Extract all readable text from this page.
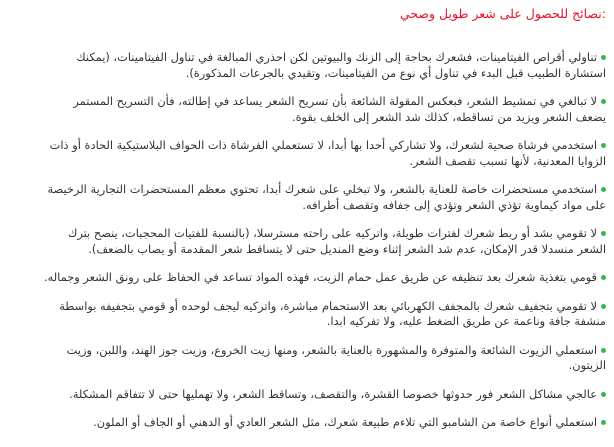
:نصائح للحصول على شعر طويل وصحي
تناولي أقراص الفيتامينات، فشعرك بحاجة إلى الزنك والبيوتين لكن احذري المبالغة في تناول الفيتامينات، (يمكنك استشارة الطبيب قبل البدء في تناول أي نوع من الفيتامينات، وتقيدي بالجرعات المذكورة).
لا تبالغي في تمشيط الشعر، فبعكس المقولة الشائعة بأن تسريح الشعر يساعد في إطالته، فأن التسريح المستمر يضعف الشعر ويزيد من تساقطه، كذلك شد الشعر إلى الخلف بقوة.
استخدمي فرشاة صحية لشعرك، ولا تشاركي أحدا بها أبدا، لا تستعملي الفرشاة ذات الحواف البلاستيكية الحادة أو ذات الزوايا المعدنية، لأنها تسبب تقصف الشعر.
استخدمي مستحضرات خاصة للعناية بالشعر، ولا تبخلي على شعرك أبدا، تحتوي معظم المستحضرات التجارية الرخيصة على مواد كيماوية تؤذي الشعر وتؤدي إلى جفافه وتقصف أطرافه.
لا تقومي بشد أو ربط شعرك لفترات طويلة، واتركيه على راحته مسترسلا، (بالنسبة للفتيات المحجبات، ينصح بترك الشعر منسدلا قدر الإمكان، عدم شد الشعر إثناء وضع المنديل حتى لا يتساقط شعر المقدمة أو يصاب بالضعف).
قومي بتغذية شعرك بعد تنظيفه عن طريق عمل حمام الزيت، فهذه المواد تساعد في الحفاظ على رونق الشعر وجماله.
لا تقومي بتجفيف شعرك بالمجفف الكهربائي بعد الاستحمام مباشرة، واتركيه ليجف لوحده أو قومي بتجفيفه بواسطة منشفة جافة وناعمة عن طريق الضغط عليه، ولا تفركيه ابدا.
استعملي الزيوت الشائعة والمتوفرة والمشهورة بالعناية بالشعر، ومنها زيت الخروع، وزيت جوز الهند، واللبن، وزيت الزيتون.
عالجي مشاكل الشعر فور حدوثها خصوصا القشرة، والتقصف، وتساقط الشعر، ولا تهمليها حتى لا تتفاقم المشكلة.
استعملي أنواع خاصة من الشامبو التي تلاءم طبيعة شعرك، مثل الشعر العادي أو الدهني أو الجاف أو الملون.
